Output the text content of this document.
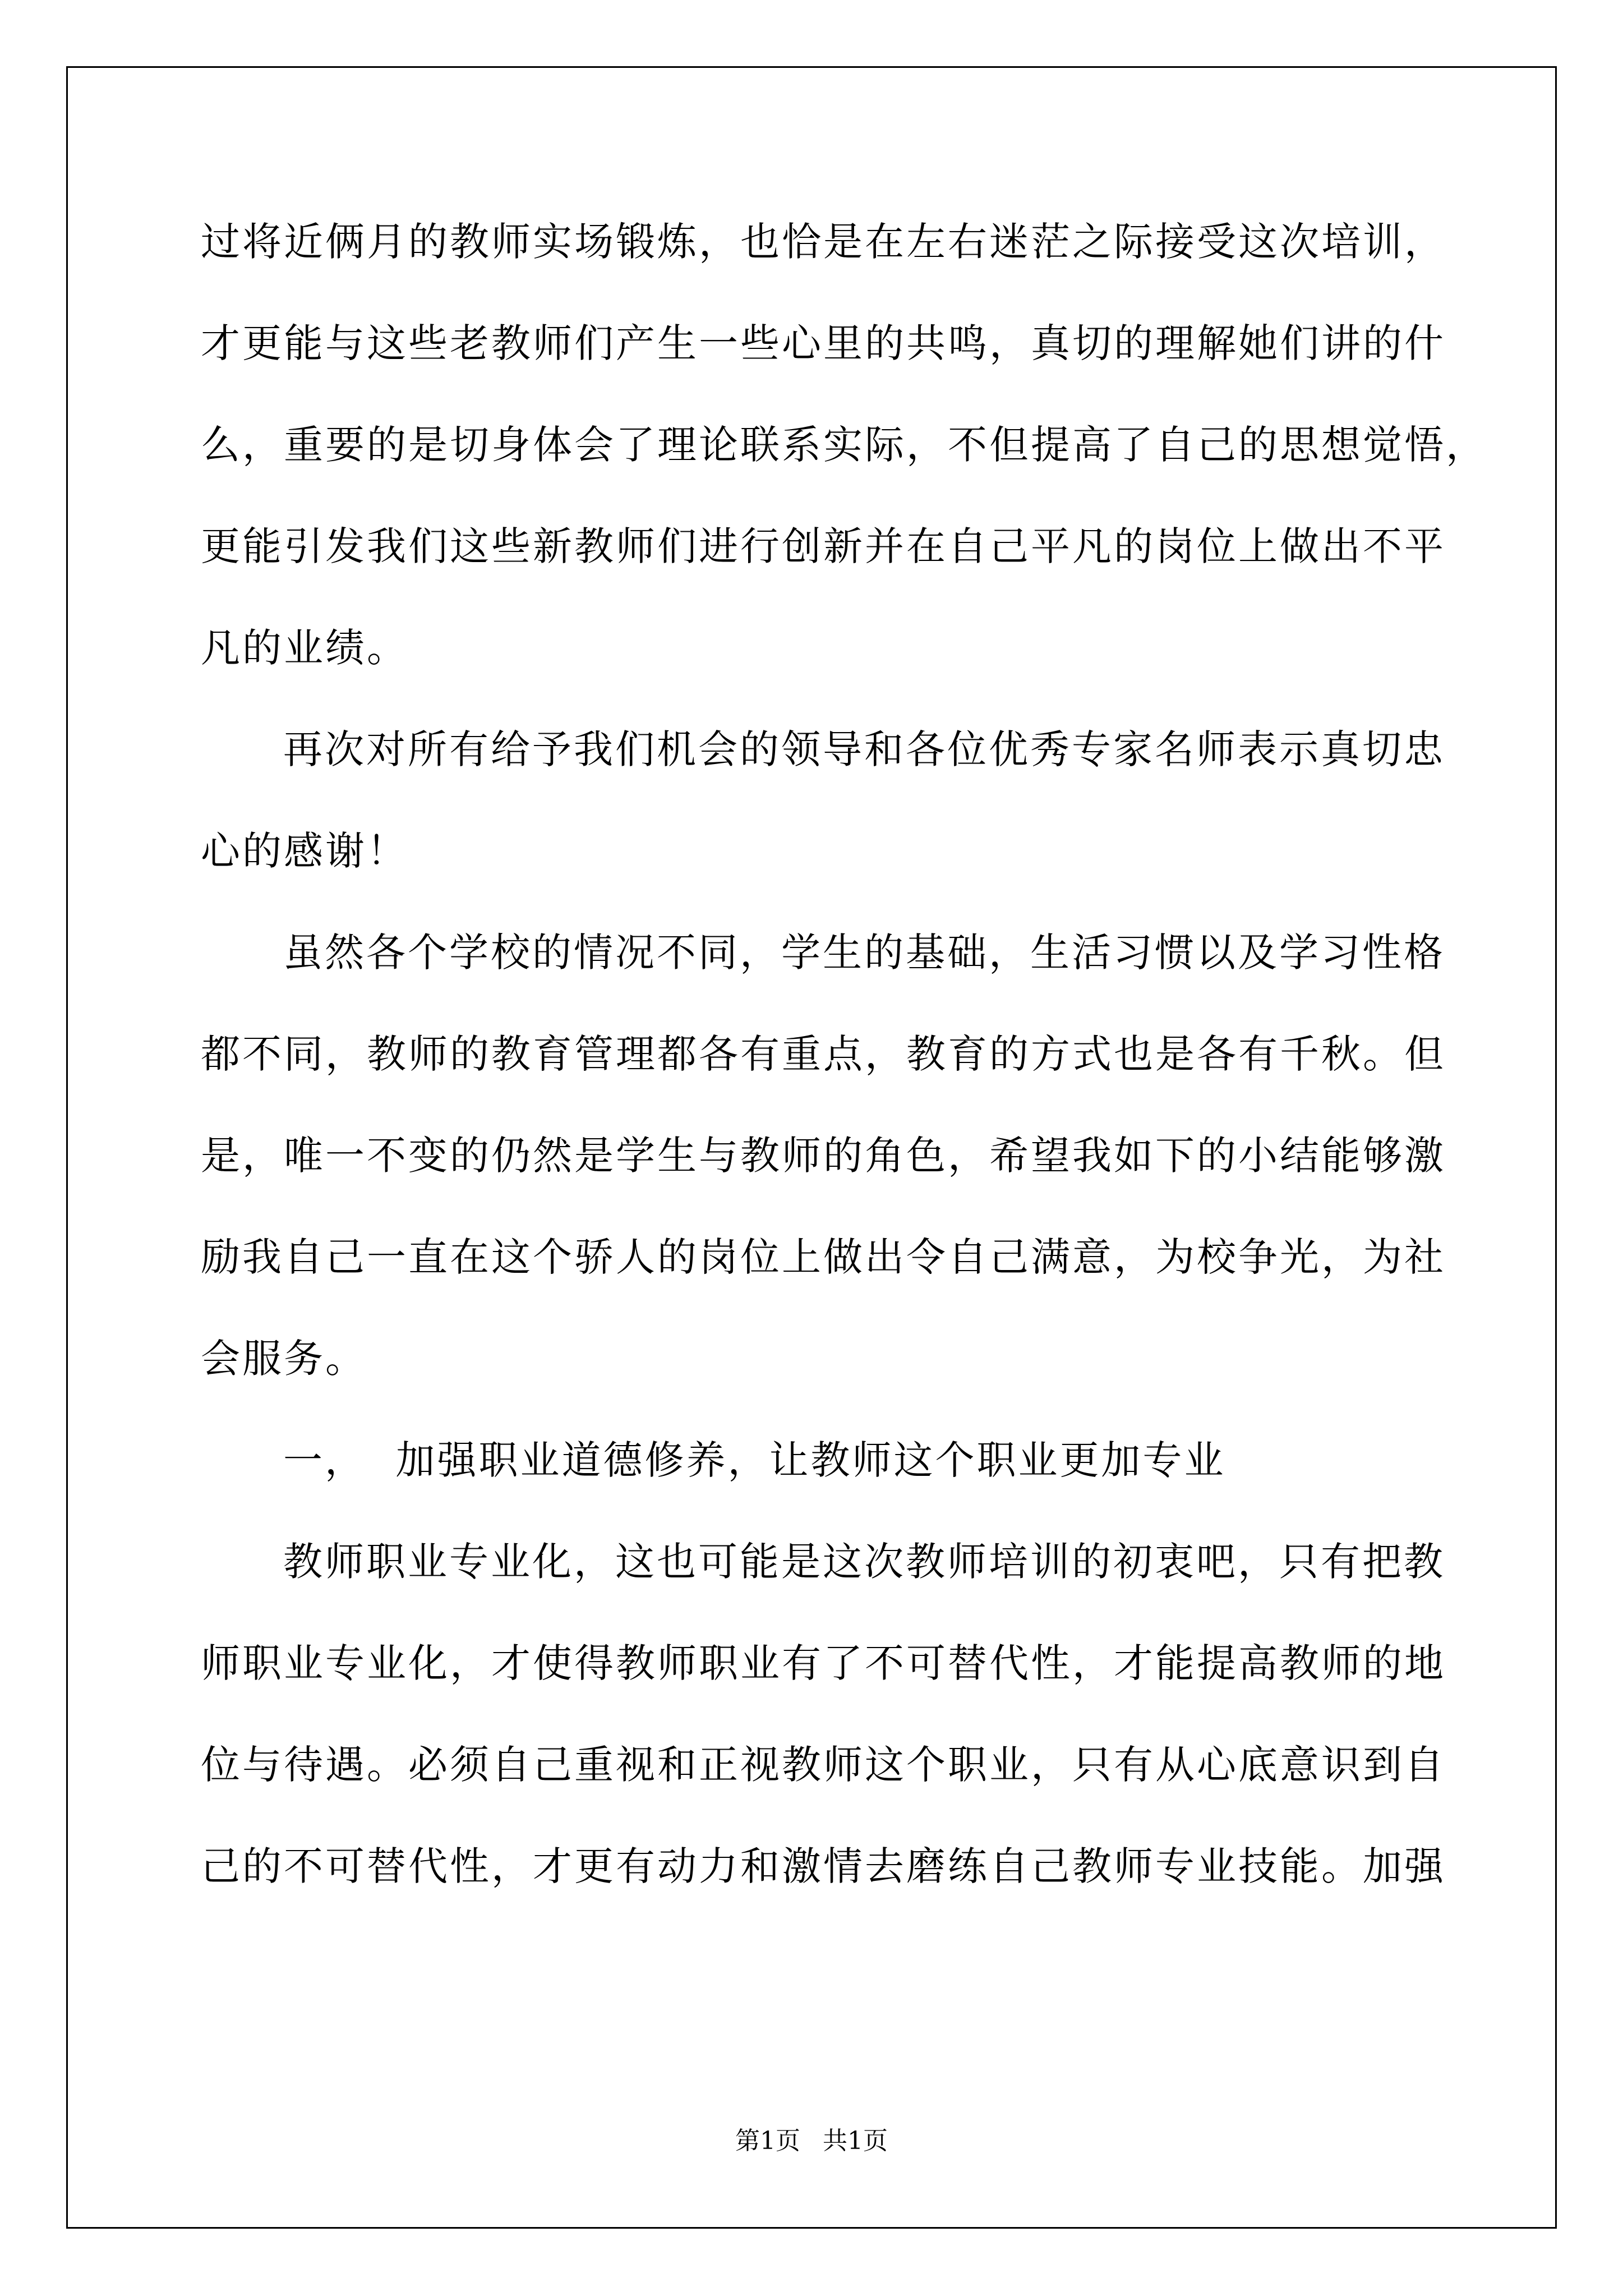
过将近俩月的教师实场锻炼，也恰是在左右迷茫之际接受这次培训，
才更能与这些老教师们产生一些心里的共鸣，真切的理解她们讲的什
么，重要的是切身体会了理论联系实际，不但提高了自己的思想觉悟，
更能引发我们这些新教师们进行创新并在自己平凡的岗位上做出不平
凡的业绩。
再次对所有给予我们机会的领导和各位优秀专家名师表示真切忠
心的感谢！
虽然各个学校的情况不同，学生的基础，生活习惯以及学习性格
都不同，教师的教育管理都各有重点，教育的方式也是各有千秋。但
是，唯一不变的仍然是学生与教师的角色，希望我如下的小结能够激
励我自己一直在这个骄人的岗位上做出令自己满意，为校争光，为社
会服务。
一，  加强职业道德修养，让教师这个职业更加专业
教师职业专业化，这也可能是这次教师培训的初衷吧，只有把教
师职业专业化，才使得教师职业有了不可替代性，才能提高教师的地
位与待遇。必须自己重视和正视教师这个职业，只有从心底意识到自
己的不可替代性，才更有动力和激情去磨练自己教师专业技能。加强
第1页 共1页
